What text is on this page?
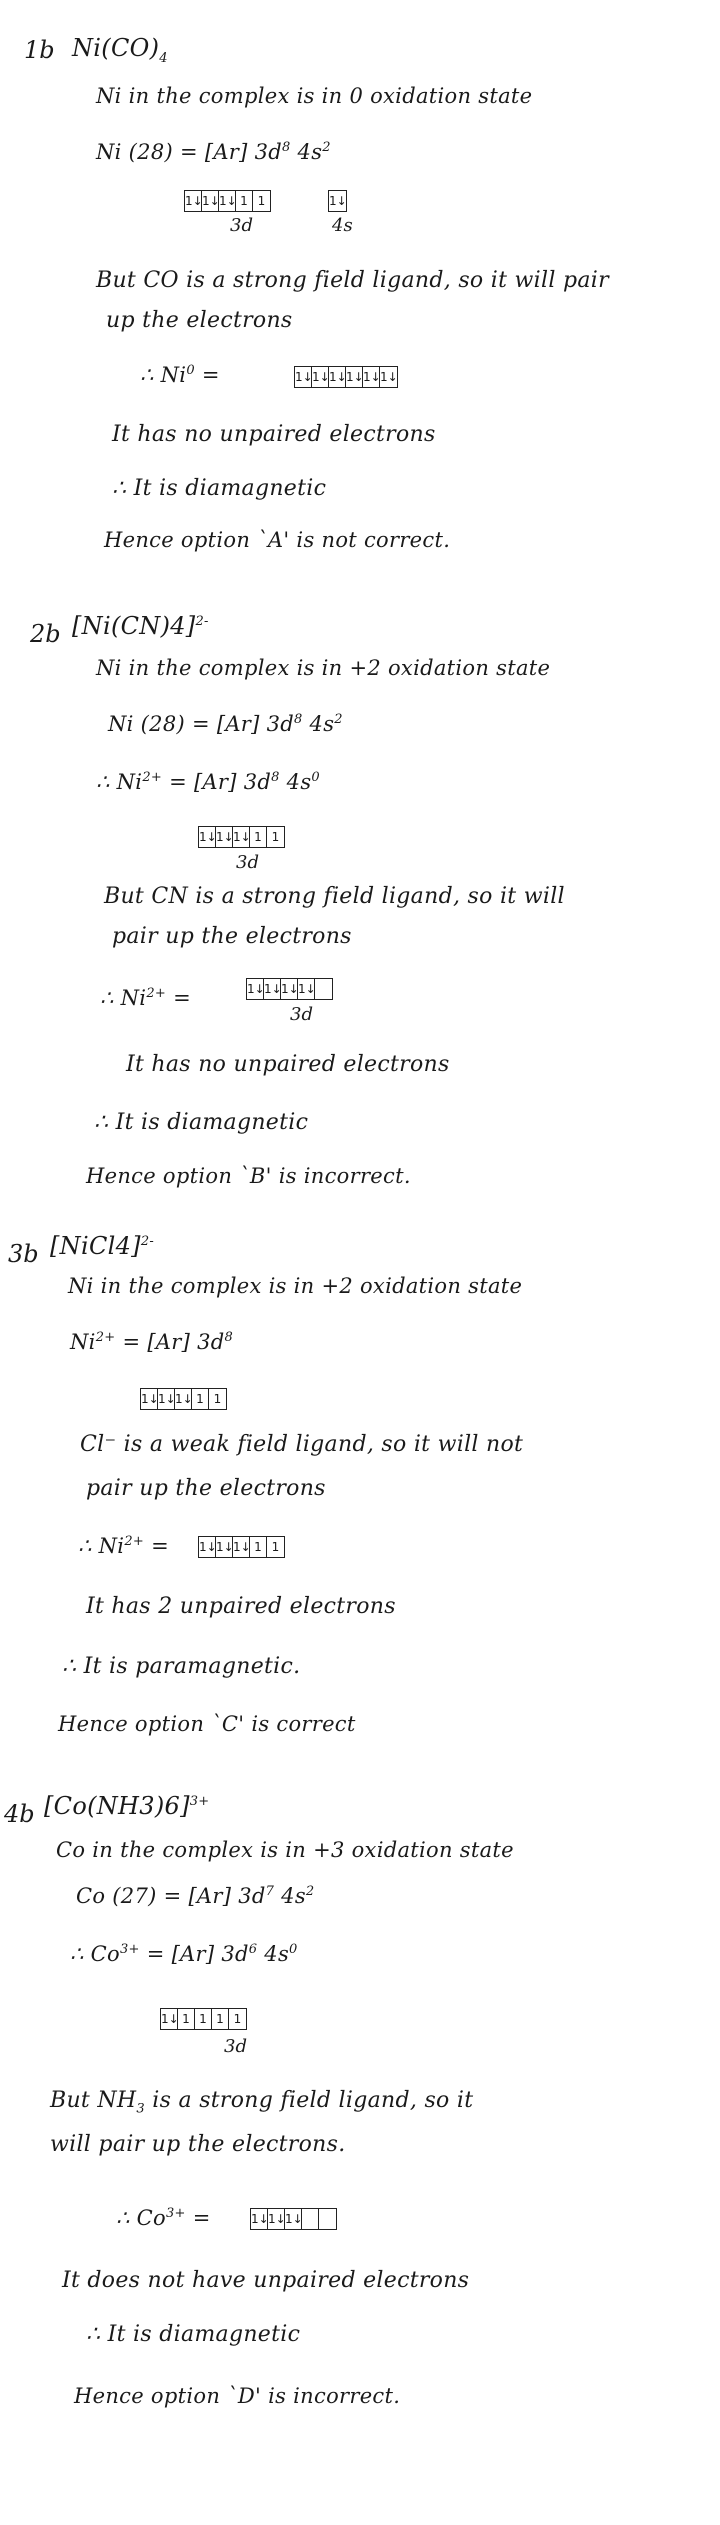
1b $Ni(CO)_4$
Ni in the complex is in 0 oxidation state
Ni (28) = [Ar] $3d^8$ $4s^2$
1↓ 1↓ 1↓ 1 1	1↓
3d	4s
But CO is a strong field ligand, so it will pair
up the electrons
∴ $Ni^0$ =	1↓ 1↓ 1↓ 1↓ 1↓ 1↓
It has no unpaired electrons
∴ It is diamagnetic
Hence option `A' is not correct.
2b $[Ni(CN)4]^{2-}$
Ni in the complex is in +2 oxidation state
Ni (28) = [Ar] $3d^8$ $4s^2$
∴ $Ni^{2+} = [Ar]$ $3d^8$ $4s^0$
1↓ 1↓ 1↓ 1 1
3d
But CN is a strong field ligand, so it will
pair up the electrons
∴ $Ni^{2+}$ =	1↓ 1↓ 1↓ 1↓
3d
It has no unpaired electrons
∴ It is diamagnetic
Hence option `B' is incorrect.
3b [NiCl4]$^{2-}$
Ni in the complex is in +2 oxidation state
$Ni^{2+} = [Ar]$ $3d^8$
1↓ 1↓ 1↓ 1 1
Cl⁻ is a weak field ligand, so it will not
pair up the electrons
∴ $Ni^{2+}$ =	1↓ 1↓ 1↓ 1 1
It has 2 unpaired electrons
∴ It is paramagnetic.
Hence option `C' is correct
4b $[Co(NH3)6]^{3+}$
Co in the complex is in +3 oxidation state
Co (27) = [Ar] $3d^7$ $4s^2$
∴ $Co^{3+} = [Ar]$ $3d^6$ $4s^0$
1↓ 1 1 1 1
3d
But $NH_3$ is a strong field ligand, so it
will pair up the electrons.
∴ $Co^{3+}$ =	1↓ 1↓ 1↓
It does not have unpaired electrons
∴ It is diamagnetic
Hence option `D' is incorrect.
